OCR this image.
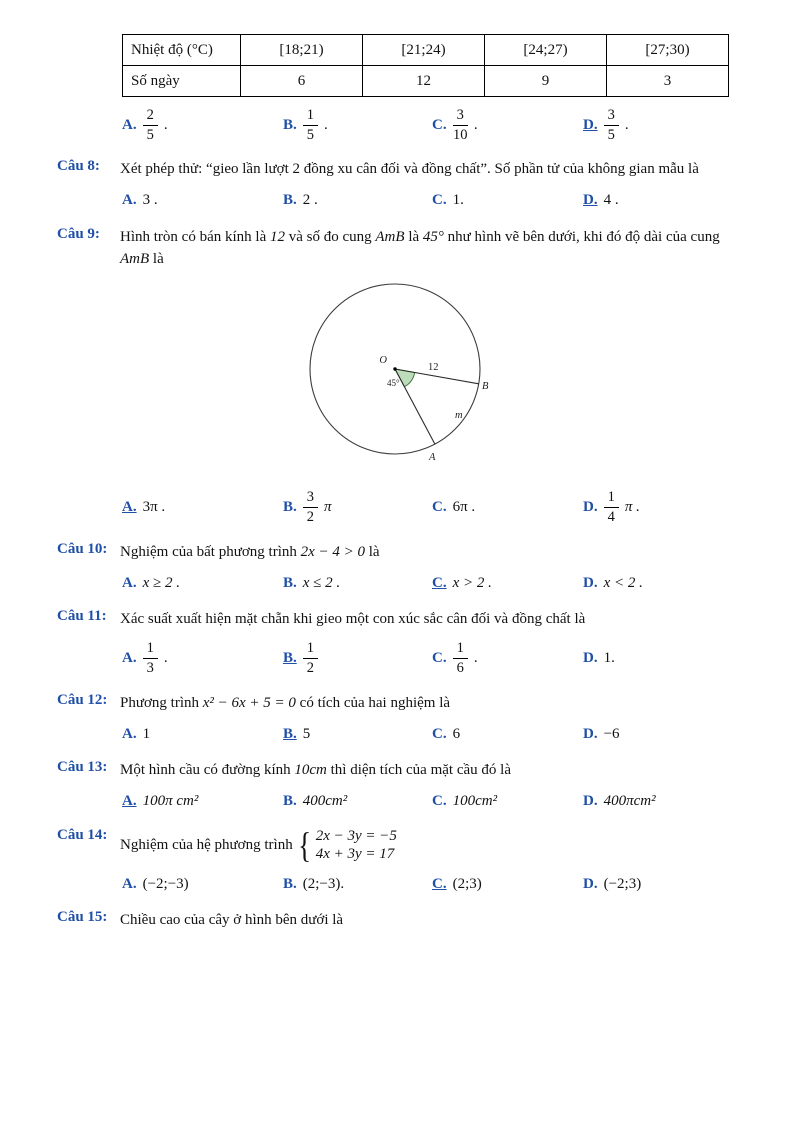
Nhiệt độ (°C)	[18;21)	[21;24)	[24;27)	[27;30)
Số ngày	6	12	9	3
A. $\frac{2}{5}$ .	B. $\frac{1}{5}$ .	C. $\frac{3}{10}$ .	D. $\frac{3}{5}$ .
Câu 8:	Xét phép thử: “gieo lần lượt 2 đồng xu cân đối và đồng chất”. Số phần tử của không gian mẫu là
A. 3 .	B. 2 .	C. 1.	D. 4 .
Câu 9:	Hình tròn có bán kính là 12 và số đo cung AmB là 45° như hình vẽ bên dưới, khi đó độ dài của cung AmB là
O
12
45°	B
A
m
A. 3π .	B. $\frac{3}{2}$ π	C. 6π .	D. $\frac{1}{4}$ π .
Câu 10: Nghiệm của bất phương trình 2x − 4 > 0 là
A. x ≥ 2 .	B. x ≤ 2 .	C. x > 2 .	D. x < 2 .
Câu 11: Xác suất xuất hiện mặt chẵn khi gieo một con xúc sắc cân đối và đồng chất là
A. $\frac{1}{3}$ .	B. $\frac{1}{2}$	C. $\frac{1}{6}$ .	D. 1.
Câu 12: Phương trình x² − 6x + 5 = 0 có tích của hai nghiệm là
A. 1	B. 5	C. 6	D. −6
Câu 13: Một hình cầu có đường kính 10cm thì diện tích của mặt cầu đó là
A. 100π cm²	B. 400cm²	C. 100cm²	D. 400πcm²
Câu 14:
Nghiệm của hệ phương trình { 2x − 3y = −5
4x + 3y = 17
A. (−2;−3)	B. (2;−3).	C. (2;3)	D. (−2;3)
Câu 15: Chiều cao của cây ở hình bên dưới là
